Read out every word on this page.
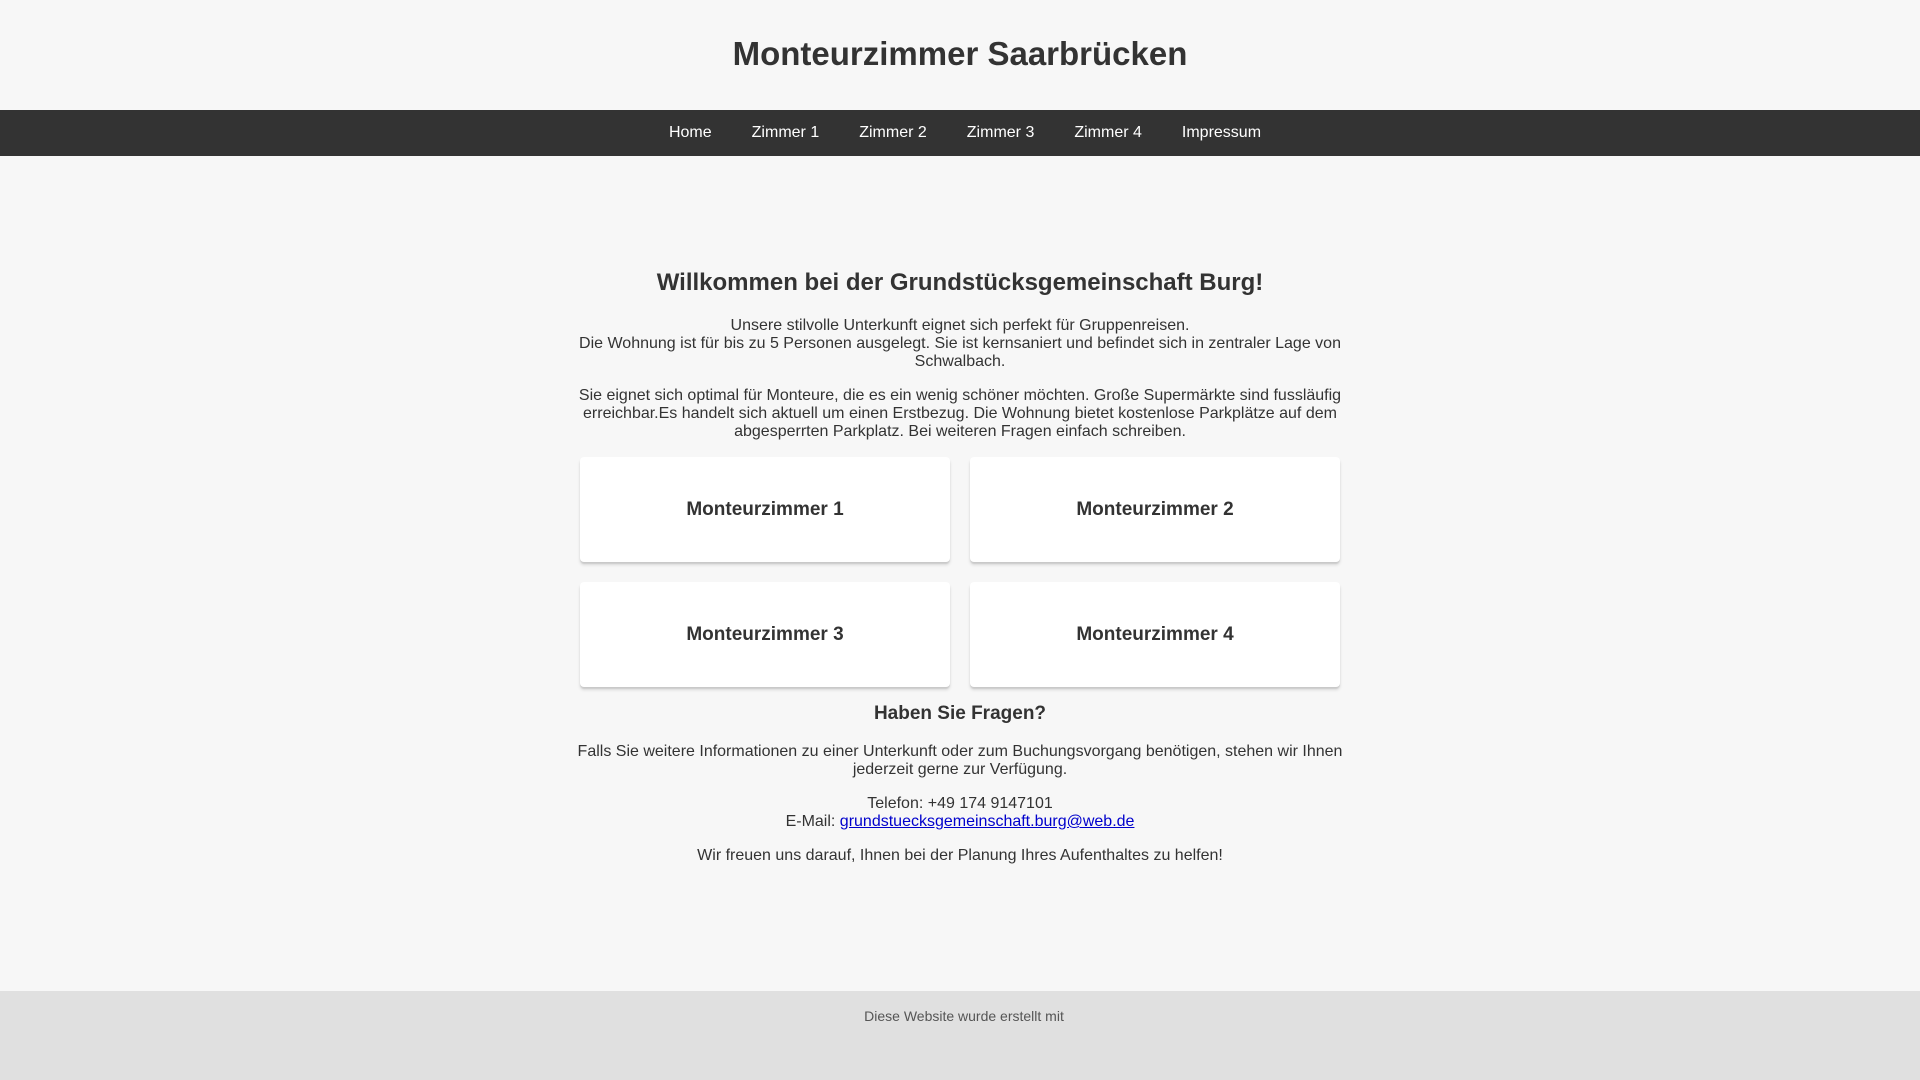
Monteurzimmer Saarbrücken
Home	Zimmer 1	Zimmer 2	Zimmer 3	Zimmer 4	Impressum
Willkommen bei der Grundstücksgemeinschaft Burg!

Unsere stilvolle Unterkunft eignet sich perfekt für Gruppenreisen.
Die Wohnung ist für bis zu 5 Personen ausgelegt. Sie ist kernsaniert und befindet sich in zentraler Lage von Schwalbach.

Sie eignet sich optimal für Monteure, die es ein wenig schöner möchten. Große Supermärkte sind fussläufig erreichbar.Es handelt sich aktuell um einen Erstbezug. Die Wohnung bietet kostenlose Parkplätze auf dem abgesperrten Parkplatz. Bei weiteren Fragen einfach schreiben.

Monteurzimmer 1	Monteurzimmer 2
Monteurzimmer 3	Monteurzimmer 4
Haben Sie Fragen?

Falls Sie weitere Informationen zu einer Unterkunft oder zum Buchungsvorgang benötigen, stehen wir Ihnen jederzeit gerne zur Verfügung.

Telefon: +49 174 9147101
E-Mail: grundstuecksgemeinschaft.burg@web.de

Wir freuen uns darauf, Ihnen bei der Planung Ihres Aufenthaltes zu helfen!

Diese Website wurde erstellt mit
